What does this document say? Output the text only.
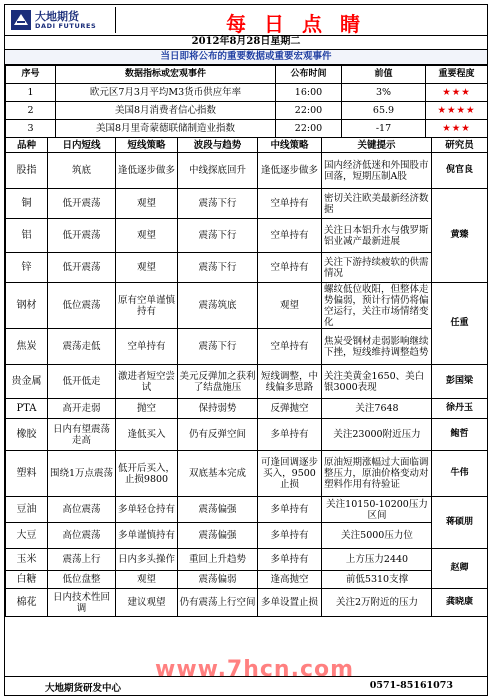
大地期货
DADI FUTURES	每日点睛
2012年8月28日星期二
当日即将公布的重要数据或重要宏观事件
序号	数据指标或宏观事件	公布时间	前值	重要程度
1	欧元区7月3月平均M3货币供应年率	16:00	3%	★★★
2	美国8月消费者信心指数	22:00	65.9	★★★★
3	美国8月里奇蒙德联储制造业指数	22:00	-17	★★★
品种	日内短线	短线策略	波段与趋势	中线策略	关键提示	研究员
股指	筑底	逢低逐步做多	中线探底回升	逢低逐步做多	国内经济低迷和外围股市回落，短期压制A股	倪官良
铜	低开震荡	观望	震荡下行	空单持有	密切关注欧美最新经济数据	黄臻
铝	低开震荡	观望	震荡下行	空单持有	关注日本铝升水与俄罗斯铝业减产最新进展	
锌	低开震荡	观望	震荡下行	空单持有	关注下游持续疲软的供需情况	
钢材	低位震荡	原有空单谨慎持有	震荡筑底	观望	螺纹低位收阳，但整体走势偏弱，预计行情仍将偏空运行，关注市场情绪变化	任重
焦炭	震荡走低	空单持有	震荡下行	空单持有	焦炭受钢材走弱影响继续下挫，短线维持调整趋势	
贵金属	低开低走	激进者短空尝试	美元反弹加之获利了结盘施压	短线调整，中线偏多思路	关注美黄金1650、美白银3000表现	彭国梁
PTA	高开走弱	抛空	保持弱势	反弹抛空	关注7648	徐丹玉
橡胶	日内有望震荡走高	逢低买入	仍有反弹空间	多单持有	关注23000附近压力	鲍哲
塑料	围绕1万点震荡	低开后买入，止损9800	双底基本完成	可逢回调逐步买入，9500止损	原油短期涨幅过大面临调整压力，原油价格变动对塑料作用有待验证	牛伟
豆油	高位震荡	多单轻仓持有	震荡偏强	多单持有	关注10150-10200压力区间	蒋硕朋
大豆	高位震荡	多单谨慎持有	震荡偏强	多单持有	关注5000压力位	
玉米	震荡上行	日内多头操作	重回上升趋势	多单持有	上方压力2440	赵卿
白糖	低位盘整	观望	震荡偏弱	逢高抛空	前低5310支撑	
棉花	日内技术性回调	建议观望	仍有震荡上行空间	多单设置止损	关注2万附近的压力	龚晓康
www.7hcn.com
大地期货研发中心	0571-85161073
